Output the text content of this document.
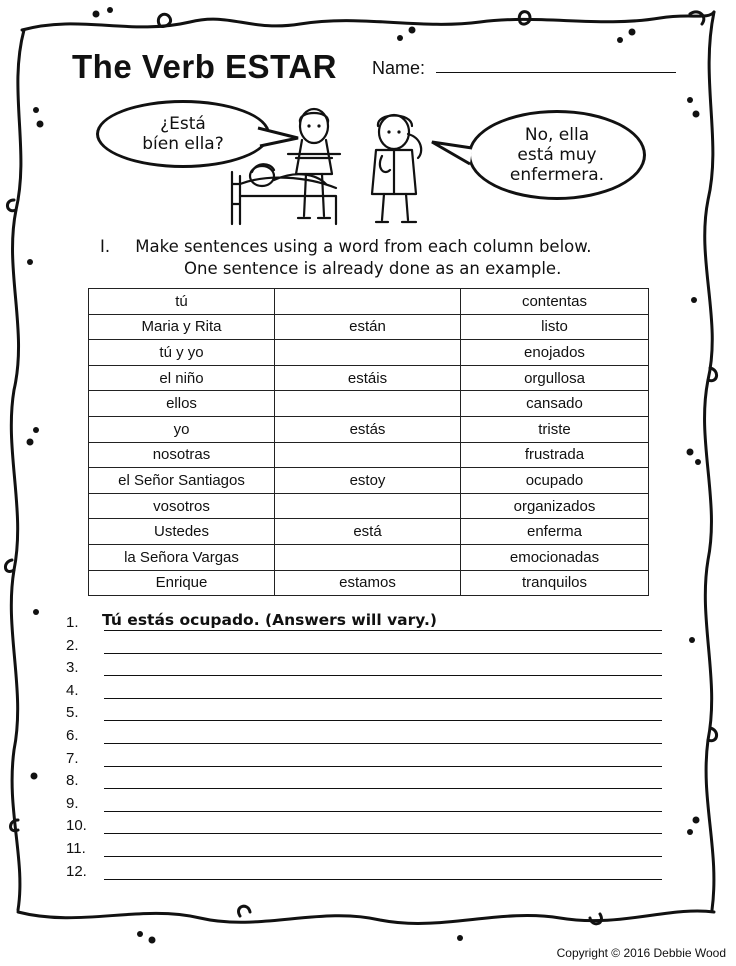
The Verb ESTAR Name:
¿Está
bíen ella?	No, ella
está muy
enfermera.
I. Make sentences using a word from each column below.
One sentence is already done as an example.
tú		contentas
Maria y Rita	están	listo
tú y yo		enojados
el niño	estáis	orgullosa
ellos		cansado
yo	estás	triste
nosotras		frustrada
el Señor Santiagos	estoy	ocupado
vosotros		organizados
Ustedes	está	enferma
la Señora Vargas		emocionadas
Enrique	estamos	tranquilos
1. Tú estás ocupado. (Answers will vary.)
2.
3.
4.
5.
6.
7.
8.
9.
10.
11.
12.
Copyright © 2016 Debbie Wood
